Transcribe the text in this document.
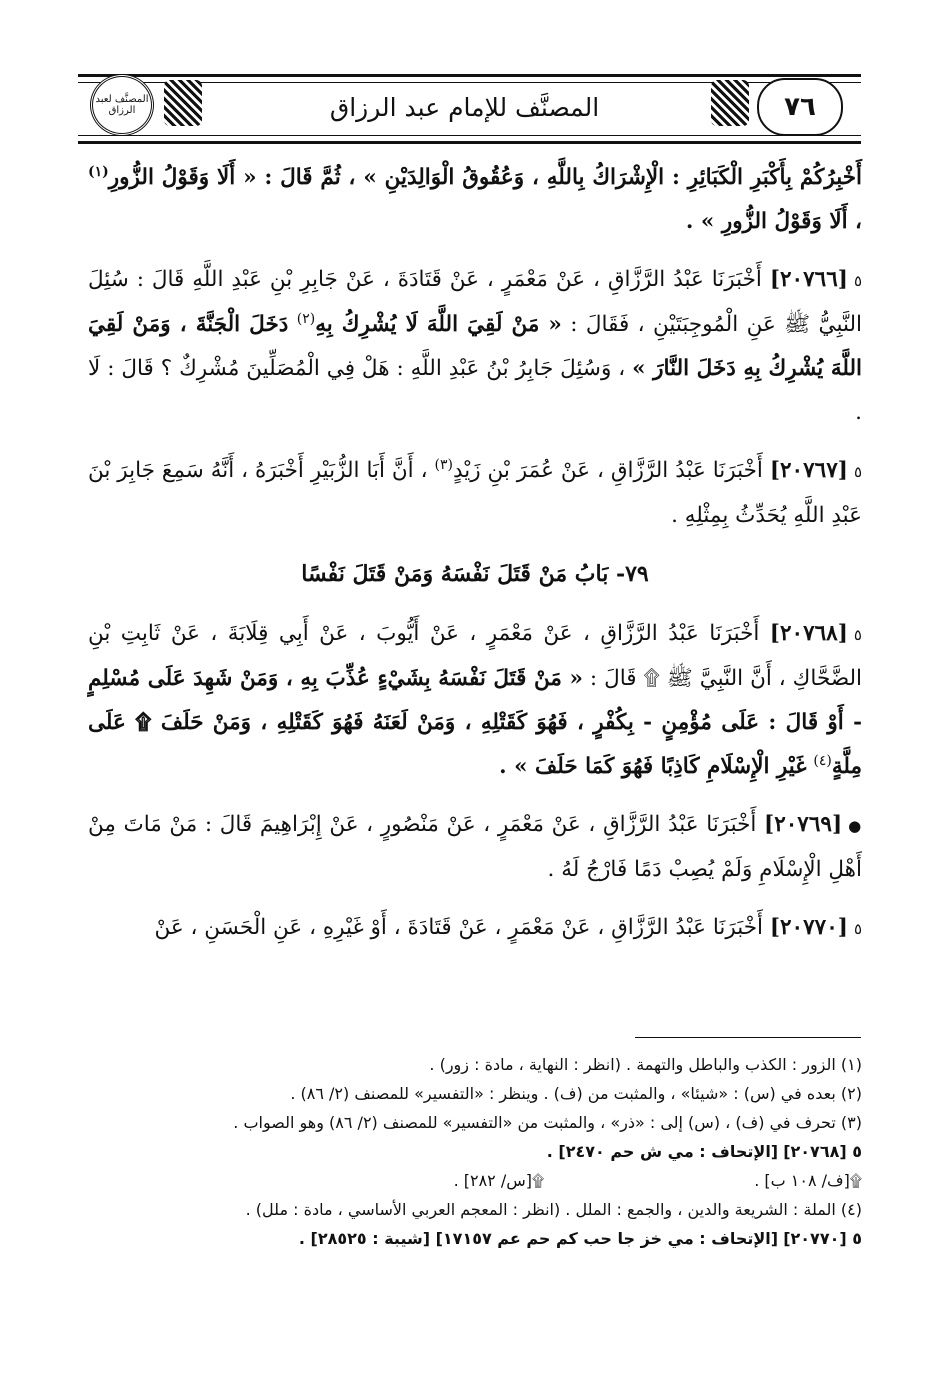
المصنَّف لعبد الرزاق	المصنَّف للإمام عبد الرزاق	٧٦

أَخْبِرُكُمْ بِأَكْبَرِ الْكَبَائِرِ : الْإِشْرَاكُ بِاللَّهِ ، وَعُقُوقُ الْوَالِدَيْنِ » ، ثُمَّ قَالَ : « أَلَا وَقَوْلُ الزُّورِ$^{(١)}$ ، أَلَا وَقَوْلُ الزُّورِ » .

٥[٢٠٧٦٦] أَخْبَرَنَا عَبْدُ الرَّزَّاقِ ، عَنْ مَعْمَرٍ ، عَنْ قَتَادَةَ ، عَنْ جَابِرِ بْنِ عَبْدِ اللَّهِ قَالَ : سُئِلَ النَّبِيُّ ﷺ عَنِ الْمُوجِبَتَيْنِ ، فَقَالَ : « مَنْ لَقِيَ اللَّهَ لَا يُشْرِكُ بِهِ$^{(٢)}$ دَخَلَ الْجَنَّةَ ، وَمَنْ لَقِيَ اللَّهَ يُشْرِكُ بِهِ دَخَلَ النَّارَ » ، وَسُئِلَ جَابِرُ بْنُ عَبْدِ اللَّهِ : هَلْ فِي الْمُصَلِّينَ مُشْرِكٌ ؟ قَالَ : لَا .

٥[٢٠٧٦٧] أَخْبَرَنَا عَبْدُ الرَّزَّاقِ ، عَنْ عُمَرَ بْنِ زَيْدٍ$^{(٣)}$ ، أَنَّ أَبَا الزُّبَيْرِ أَخْبَرَهُ ، أَنَّهُ سَمِعَ جَابِرَ بْنَ عَبْدِ اللَّهِ يُحَدِّثُ بِمِثْلِهِ .

٧٩- بَابُ مَنْ قَتَلَ نَفْسَهُ وَمَنْ قَتَلَ نَفْسًا

٥[٢٠٧٦٨] أَخْبَرَنَا عَبْدُ الرَّزَّاقِ ، عَنْ مَعْمَرٍ ، عَنْ أَيُّوبَ ، عَنْ أَبِي قِلَابَةَ ، عَنْ ثَابِتِ بْنِ الضَّحَّاكِ ، أَنَّ النَّبِيَّ ﷺ ۩ قَالَ : « مَنْ قَتَلَ نَفْسَهُ بِشَيْءٍ عُذِّبَ بِهِ ، وَمَنْ شَهِدَ عَلَى مُسْلِمٍ - أَوْ قَالَ : عَلَى مُؤْمِنٍ - بِكُفْرٍ ، فَهُوَ كَقَتْلِهِ ، وَمَنْ لَعَنَهُ فَهُوَ كَقَتْلِهِ ، وَمَنْ حَلَفَ ۩ عَلَى مِلَّةٍ$^{(٤)}$ غَيْرِ الْإِسْلَامِ كَاذِبًا فَهُوَ كَمَا حَلَفَ » .

●[٢٠٧٦٩] أَخْبَرَنَا عَبْدُ الرَّزَّاقِ ، عَنْ مَعْمَرٍ ، عَنْ مَنْصُورٍ ، عَنْ إِبْرَاهِيمَ قَالَ : مَنْ مَاتَ مِنْ أَهْلِ الْإِسْلَامِ وَلَمْ يُصِبْ دَمًا فَارْجُ لَهُ .

٥[٢٠٧٧٠] أَخْبَرَنَا عَبْدُ الرَّزَّاقِ ، عَنْ مَعْمَرٍ ، عَنْ قَتَادَةَ ، أَوْ غَيْرِهِ ، عَنِ الْحَسَنِ ، عَنْ

(١) الزور : الكذب والباطل والتهمة . (انظر : النهاية ، مادة : زور) .

(٢) بعده في (س) : «شيئا» ، والمثبت من (ف) . وينظر : «التفسير» للمصنف (٢/ ٨٦) .

(٣) تحرف في (ف) ، (س) إلى : «ذر» ، والمثبت من «التفسير» للمصنف (٢/ ٨٦) وهو الصواب .

٥ [٢٠٧٦٨] [الإتحاف : مي ش حم ٢٤٧٠] .

۩[ف/ ١٠٨ ب] .
۩[س/ ٢٨٢] .

(٤) الملة : الشريعة والدين ، والجمع : الملل . (انظر : المعجم العربي الأساسي ، مادة : ملل) .

٥ [٢٠٧٧٠] [الإتحاف : مي خز جا حب كم حم عم ١٧١٥٧] [شيبة : ٢٨٥٢٥] .
